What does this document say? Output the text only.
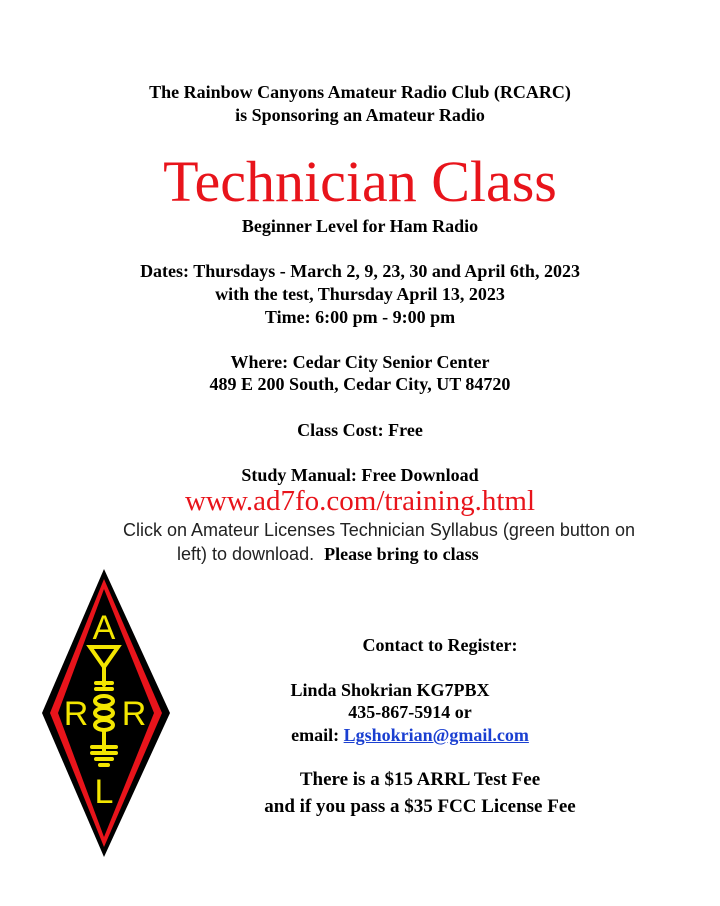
The Rainbow Canyons Amateur Radio Club (RCARC)
is Sponsoring an Amateur Radio
Technician Class
Beginner Level for Ham Radio
Dates: Thursdays - March 2, 9, 23, 30 and April 6th, 2023
with the test, Thursday April 13, 2023
Time: 6:00 pm - 9:00 pm
Where: Cedar City Senior Center
489 E 200 South, Cedar City, UT 84720
Class Cost: Free
Study Manual: Free Download
www.ad7fo.com/training.html
Click on Amateur Licenses Technician Syllabus (green button on
left) to download. Please bring to class
A
R R
L
Contact to Register:
Linda Shokrian KG7PBX
435-867-5914 or
email: Lgshokrian@gmail.com
There is a $15 ARRL Test Fee
and if you pass a $35 FCC License Fee
